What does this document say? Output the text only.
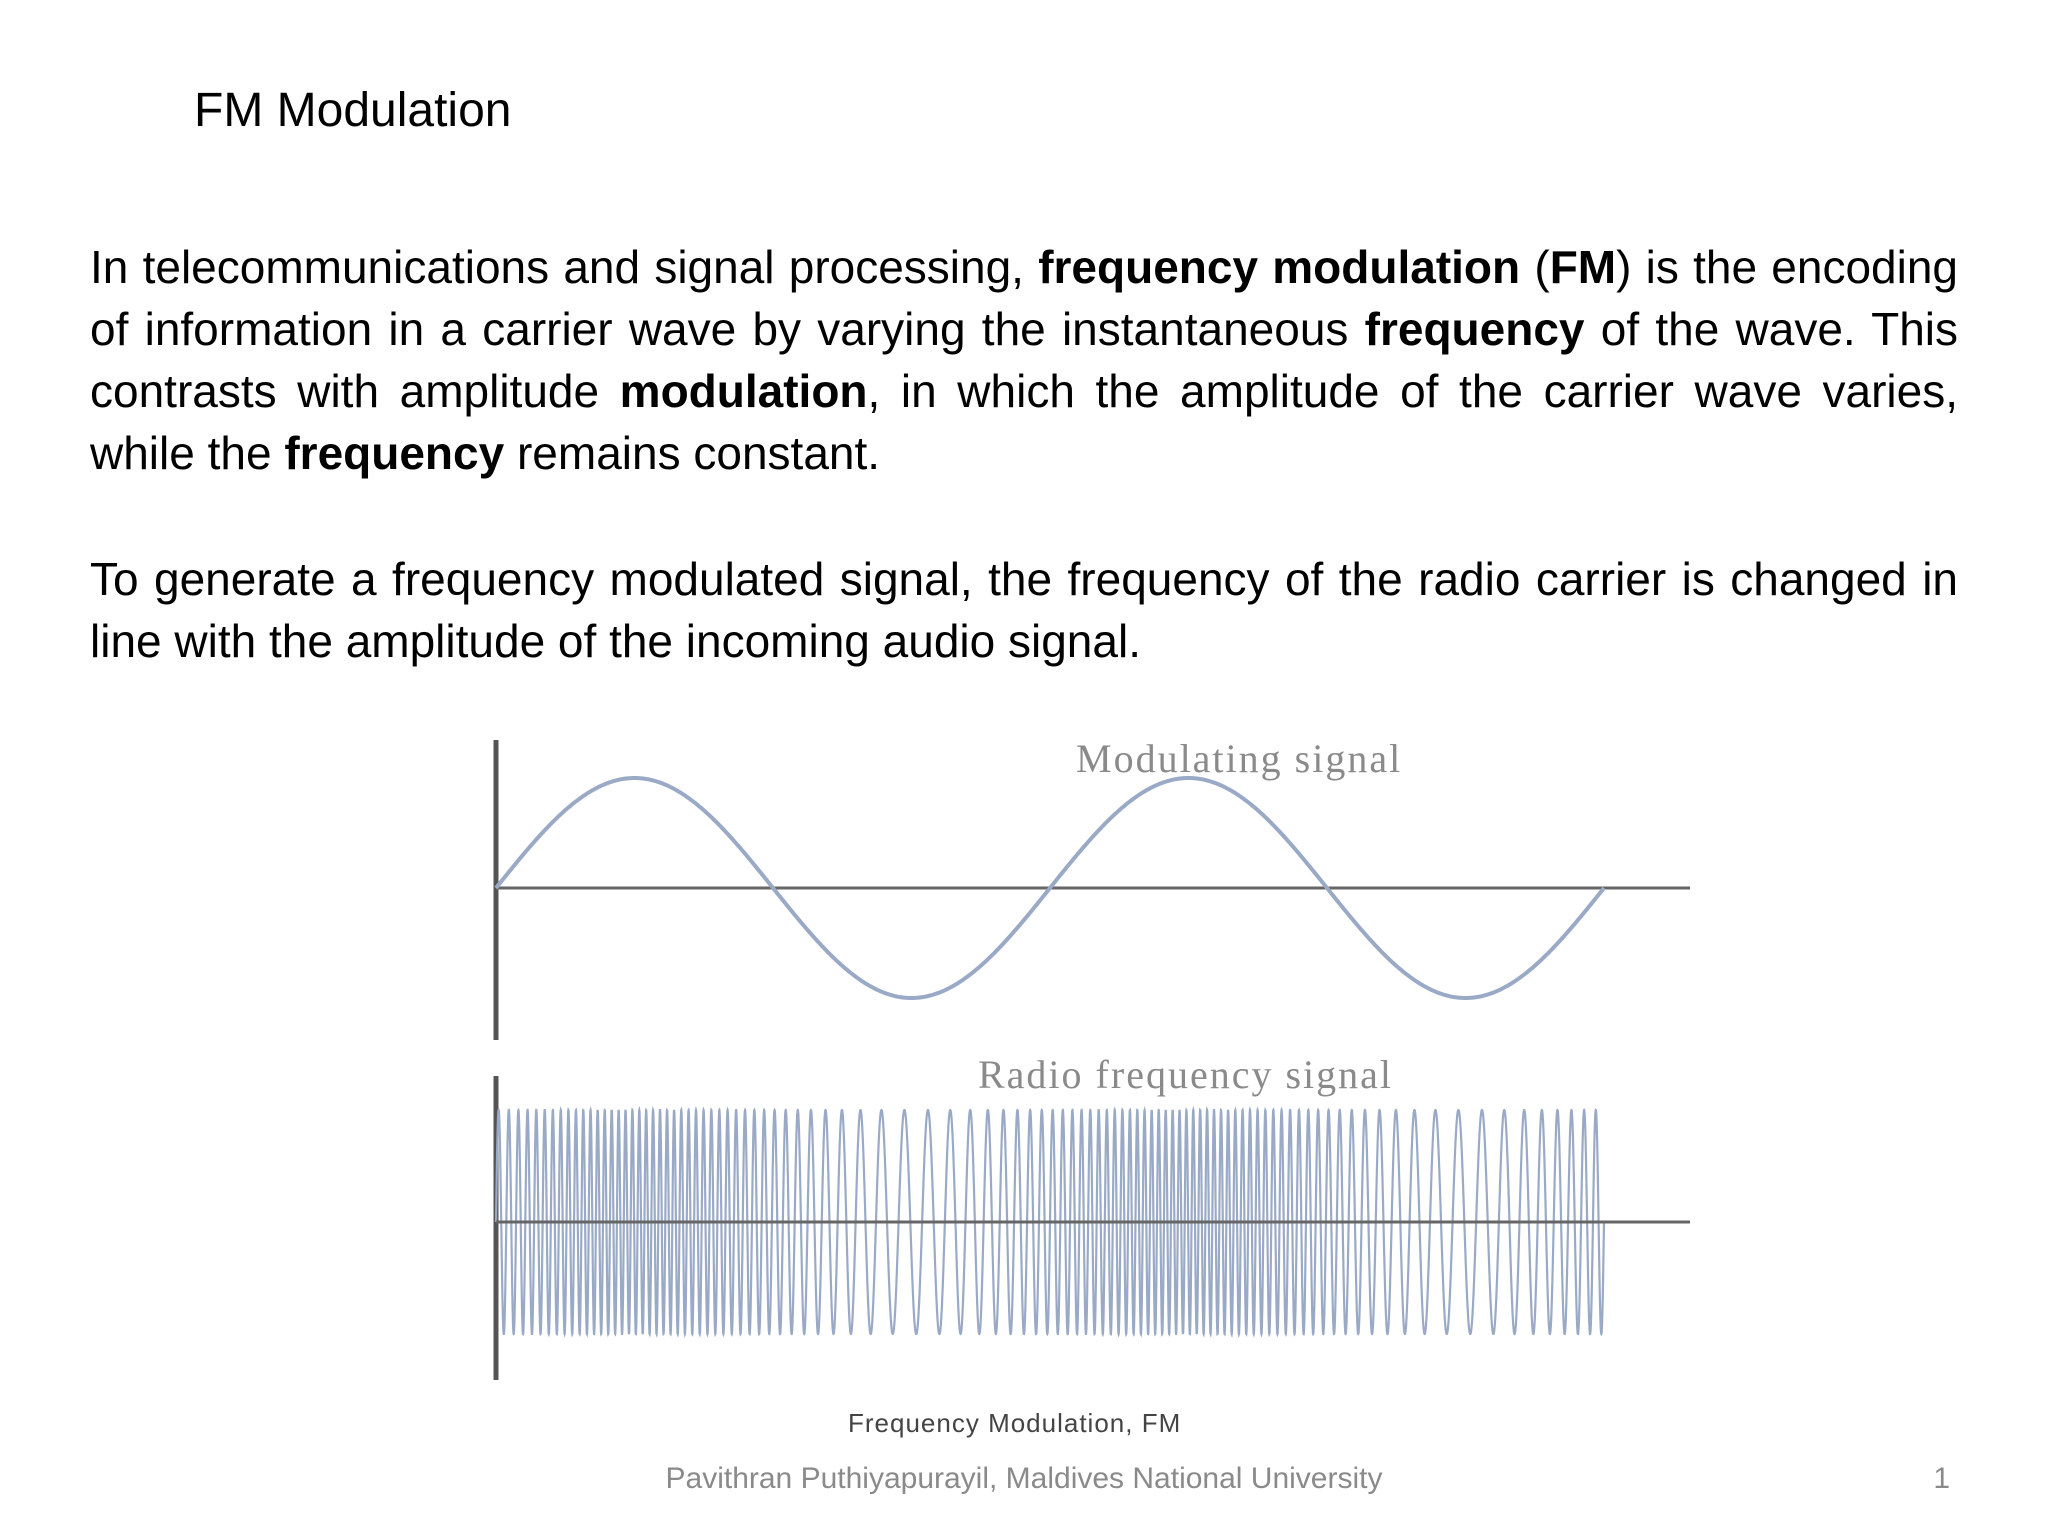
FM Modulation
In telecommunications and signal processing, frequency modulation (FM) is the encoding of information in a carrier wave by varying the instantaneous frequency of the wave. This contrasts with amplitude modulation, in which the amplitude of the carrier wave varies, while the frequency remains constant.
To generate a frequency modulated signal, the frequency of the radio carrier is changed in line with the amplitude of the incoming audio signal.
Modulating signal
Radio frequency signal
Frequency Modulation, FM
Pavithran Puthiyapurayil, Maldives National University	1
